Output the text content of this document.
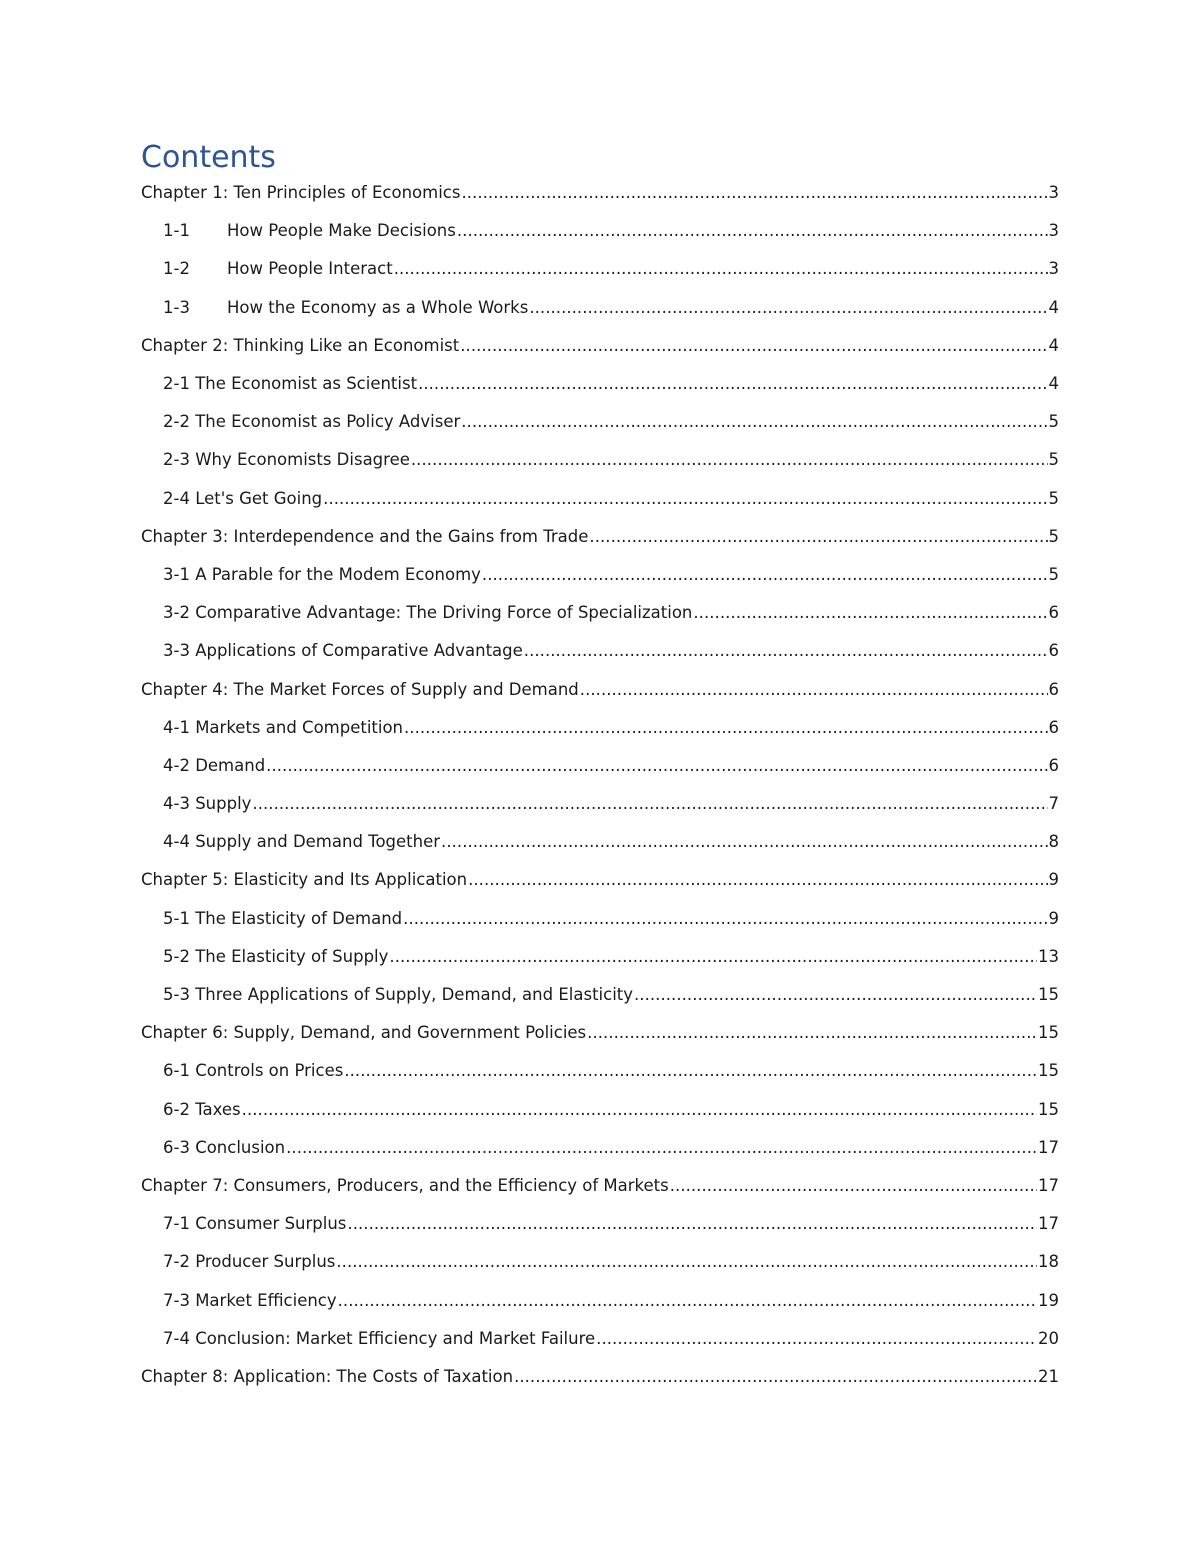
Contents
Chapter 1: Ten Principles of Economics . . .	3
1-1	How People Make Decisions . . .	3
1-2	How People Interact . . .	3
1-3	How the Economy as a Whole Works . . .	4
Chapter 2: Thinking Like an Economist . . .	4
2-1 The Economist as Scientist . . .	4
2-2 The Economist as Policy Adviser . . .	5
2-3 Why Economists Disagree . . .	5
2-4 Let's Get Going . . .	5
Chapter 3: Interdependence and the Gains from Trade . . .	5
3-1 A Parable for the Modem Economy . . .	5
3-2 Comparative Advantage: The Driving Force of Specialization . . .	6
3-3 Applications of Comparative Advantage . . .	6
Chapter 4: The Market Forces of Supply and Demand . . .	6
4-1 Markets and Competition . . .	6
4-2 Demand . . .	6
4-3 Supply . . .	7
4-4 Supply and Demand Together . . .	8
Chapter 5: Elasticity and Its Application . . .	9
5-1 The Elasticity of Demand . . .	9
5-2 The Elasticity of Supply . . .	13
5-3 Three Applications of Supply, Demand, and Elasticity . . .	15
Chapter 6: Supply, Demand, and Government Policies . . .	15
6-1 Controls on Prices . . .	15
6-2 Taxes . . .	15
6-3 Conclusion . . .	17
Chapter 7: Consumers, Producers, and the Efficiency of Markets . . .	17
7-1 Consumer Surplus . . .	17
7-2 Producer Surplus . . .	18
7-3 Market Efficiency . . .	19
7-4 Conclusion: Market Efficiency and Market Failure . . .	20
Chapter 8: Application: The Costs of Taxation . . .	21
